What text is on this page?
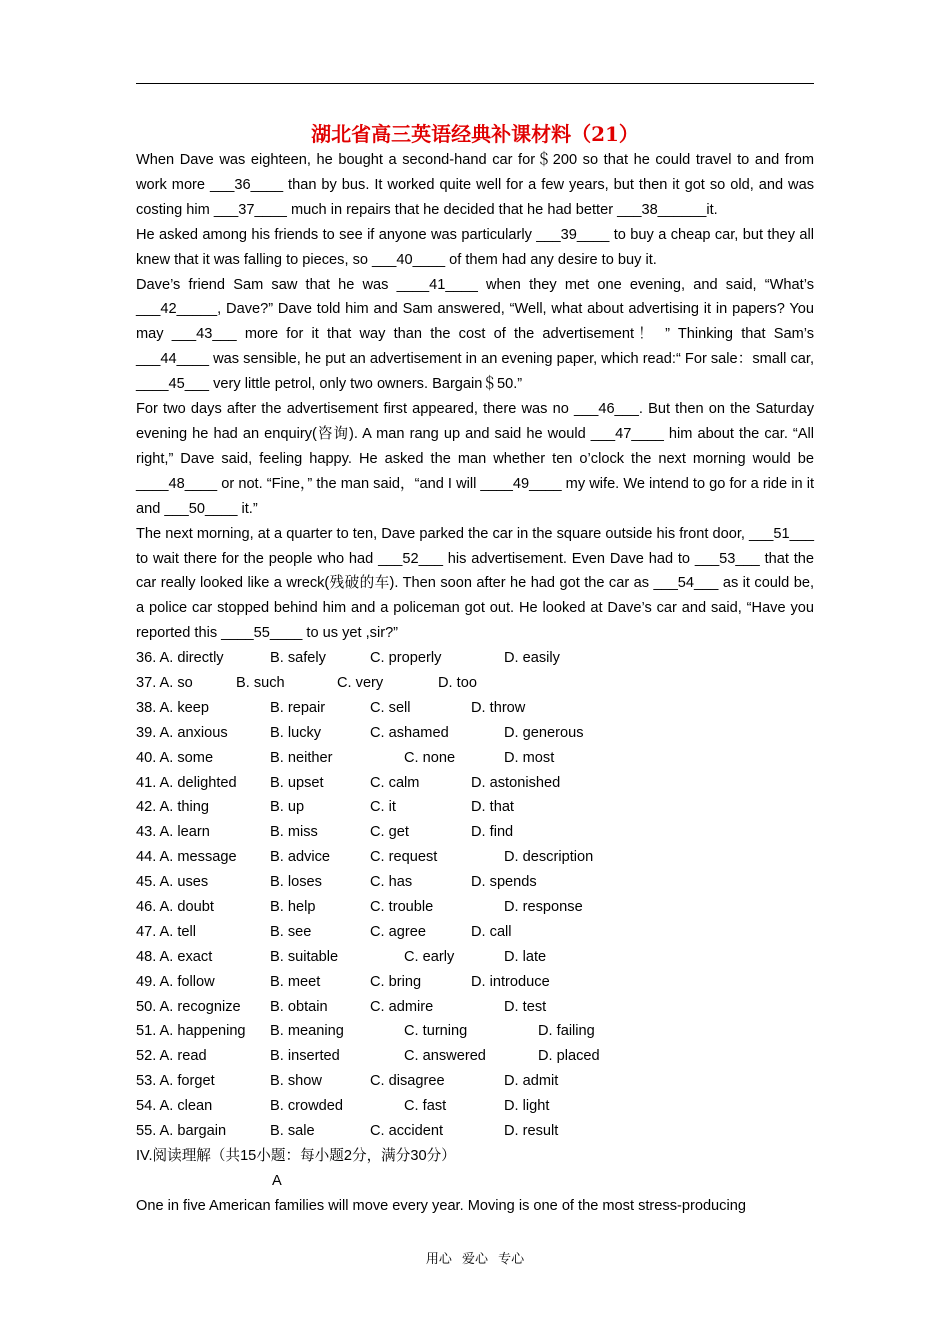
湖北省高三英语经典补课材料（21）

When Dave was eighteen, he bought a second-hand car for＄200 so that he could travel to and from work more ___36____ than by bus. It worked quite well for a few years, but then it got so old, and was costing him ___37____ much in repairs that he decided that he had better ___38______it.

He asked among his friends to see if anyone was particularly ___39____ to buy a cheap car, but they all knew that it was falling to pieces, so ___40____ of them had any desire to buy it.

Dave’s friend Sam saw that he was ____41____ when they met one evening, and said, “What’s ___42_____, Dave?” Dave told him and Sam answered, “Well, what about advertising it in papers? You may ___43___ more for it that way than the cost of the advertisement！ ” Thinking that Sam’s ___44____ was sensible, he put an advertisement in an evening paper, which read:“ For sale：small car, ____45___ very little petrol, only two owners. Bargain＄50.”

For two days after the advertisement first appeared, there was no ___46___. But then on the Saturday evening he had an enquiry(咨询). A man rang up and said he would ___47____ him about the car. “All right,” Dave said, feeling happy. He asked the man whether ten o’clock the next morning would be ____48____ or not. “Fine，” the man said，“and I will ____49____ my wife. We intend to go for a ride in it and ___50____ it.”

The next morning, at a quarter to ten, Dave parked the car in the square outside his front door, ___51___ to wait there for the people who had ___52___ his advertisement. Even Dave had to ___53___ that the car really looked like a wreck(残破的车). Then soon after he had got the car as ___54___ as it could be, a police car stopped behind him and a policeman got out. He looked at Dave’s car and said, “Have you reported this ____55____ to us yet ,sir?”

36. A. directly	B. safely	C. properly	D. easily
37. A. so	B. such	C. very	D. too
38. A. keep	B. repair	C. sell	D. throw
39. A. anxious	B. lucky	C. ashamed	D. generous
40. A. some	B. neither	C. none	D. most
41. A. delighted B. upset	C. calm	D. astonished
42. A. thing	B. up	C. it	D. that
43. A. learn	B. miss	C. get	D. find
44. A. message B. advice	C. request	D. description
45. A. uses	B. loses	C. has	D. spends
46. A. doubt	B. help	C. trouble	D. response
47. A. tell	B. see	C. agree	D. call
48. A. exact	B. suitable	C. early	D. late
49. A. follow	B. meet	C. bring	D. introduce
50. A. recognize B. obtain	C. admire	D. test
51. A. happening B. meaning	C. turning	D. failing
52. A. read	B. inserted	C. answered	D. placed
53. A. forget	B. show	C. disagree	D. admit
54. A. clean	B. crowded	C. fast	D. light
55. A. bargain	B. sale	C. accident	D. result

IV.阅读理解（共15小题：每小题2分，满分30分）

A

One in five American families will move every year. Moving is one of the most stress-producing

用心 爱心 专心
